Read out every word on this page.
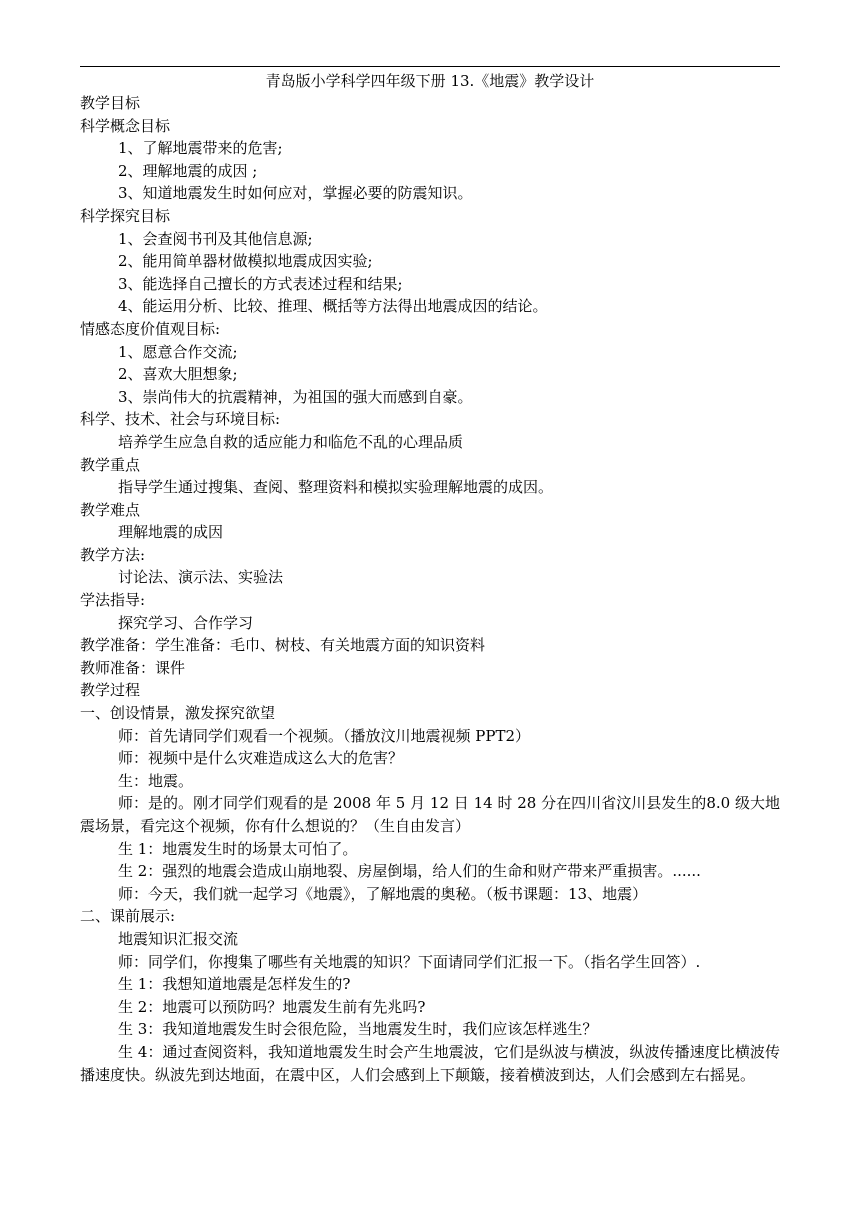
青岛版小学科学四年级下册 13.《地震》教学设计
教学目标
科学概念目标
1、了解地震带来的危害;
2、理解地震的成因 ;
3、知道地震发生时如何应对，掌握必要的防震知识。
科学探究目标
1、会查阅书刊及其他信息源;
2、能用简单器材做模拟地震成因实验;
3、能选择自己擅长的方式表述过程和结果;
4、能运用分析、比较、推理、概括等方法得出地震成因的结论。
情感态度价值观目标:
1、愿意合作交流;
2、喜欢大胆想象;
3、崇尚伟大的抗震精神，为祖国的强大而感到自豪。
科学、技术、社会与环境目标:
培养学生应急自救的适应能力和临危不乱的心理品质
教学重点
指导学生通过搜集、查阅、整理资料和模拟实验理解地震的成因。
教学难点
理解地震的成因
教学方法:
讨论法、演示法、实验法
学法指导:
探究学习、合作学习
教学准备：学生准备：毛巾、树枝、有关地震方面的知识资料
教师准备：课件
教学过程
一、创设情景，激发探究欲望
师：首先请同学们观看一个视频。（播放汶川地震视频 PPT2）
师：视频中是什么灾难造成这么大的危害？
生：地震。
师：是的。刚才同学们观看的是 2008 年 5 月 12 日 14 时 28 分在四川省汶川县发生的8.0 级大地震场景，看完这个视频，你有什么想说的？（生自由发言）
生 1：地震发生时的场景太可怕了。
生 2：强烈的地震会造成山崩地裂、房屋倒塌，给人们的生命和财产带来严重损害。......
师：今天，我们就一起学习《地震》，了解地震的奥秘。（板书课题：13、地震）
二、课前展示:
地震知识汇报交流
师：同学们，你搜集了哪些有关地震的知识？下面请同学们汇报一下。（指名学生回答）.
生 1：我想知道地震是怎样发生的?
生 2：地震可以预防吗？地震发生前有先兆吗?
生 3：我知道地震发生时会很危险，当地震发生时，我们应该怎样逃生？
生 4：通过查阅资料，我知道地震发生时会产生地震波，它们是纵波与横波，纵波传播速度比横波传播速度快。纵波先到达地面，在震中区，人们会感到上下颠簸，接着横波到达，人们会感到左右摇晃。
